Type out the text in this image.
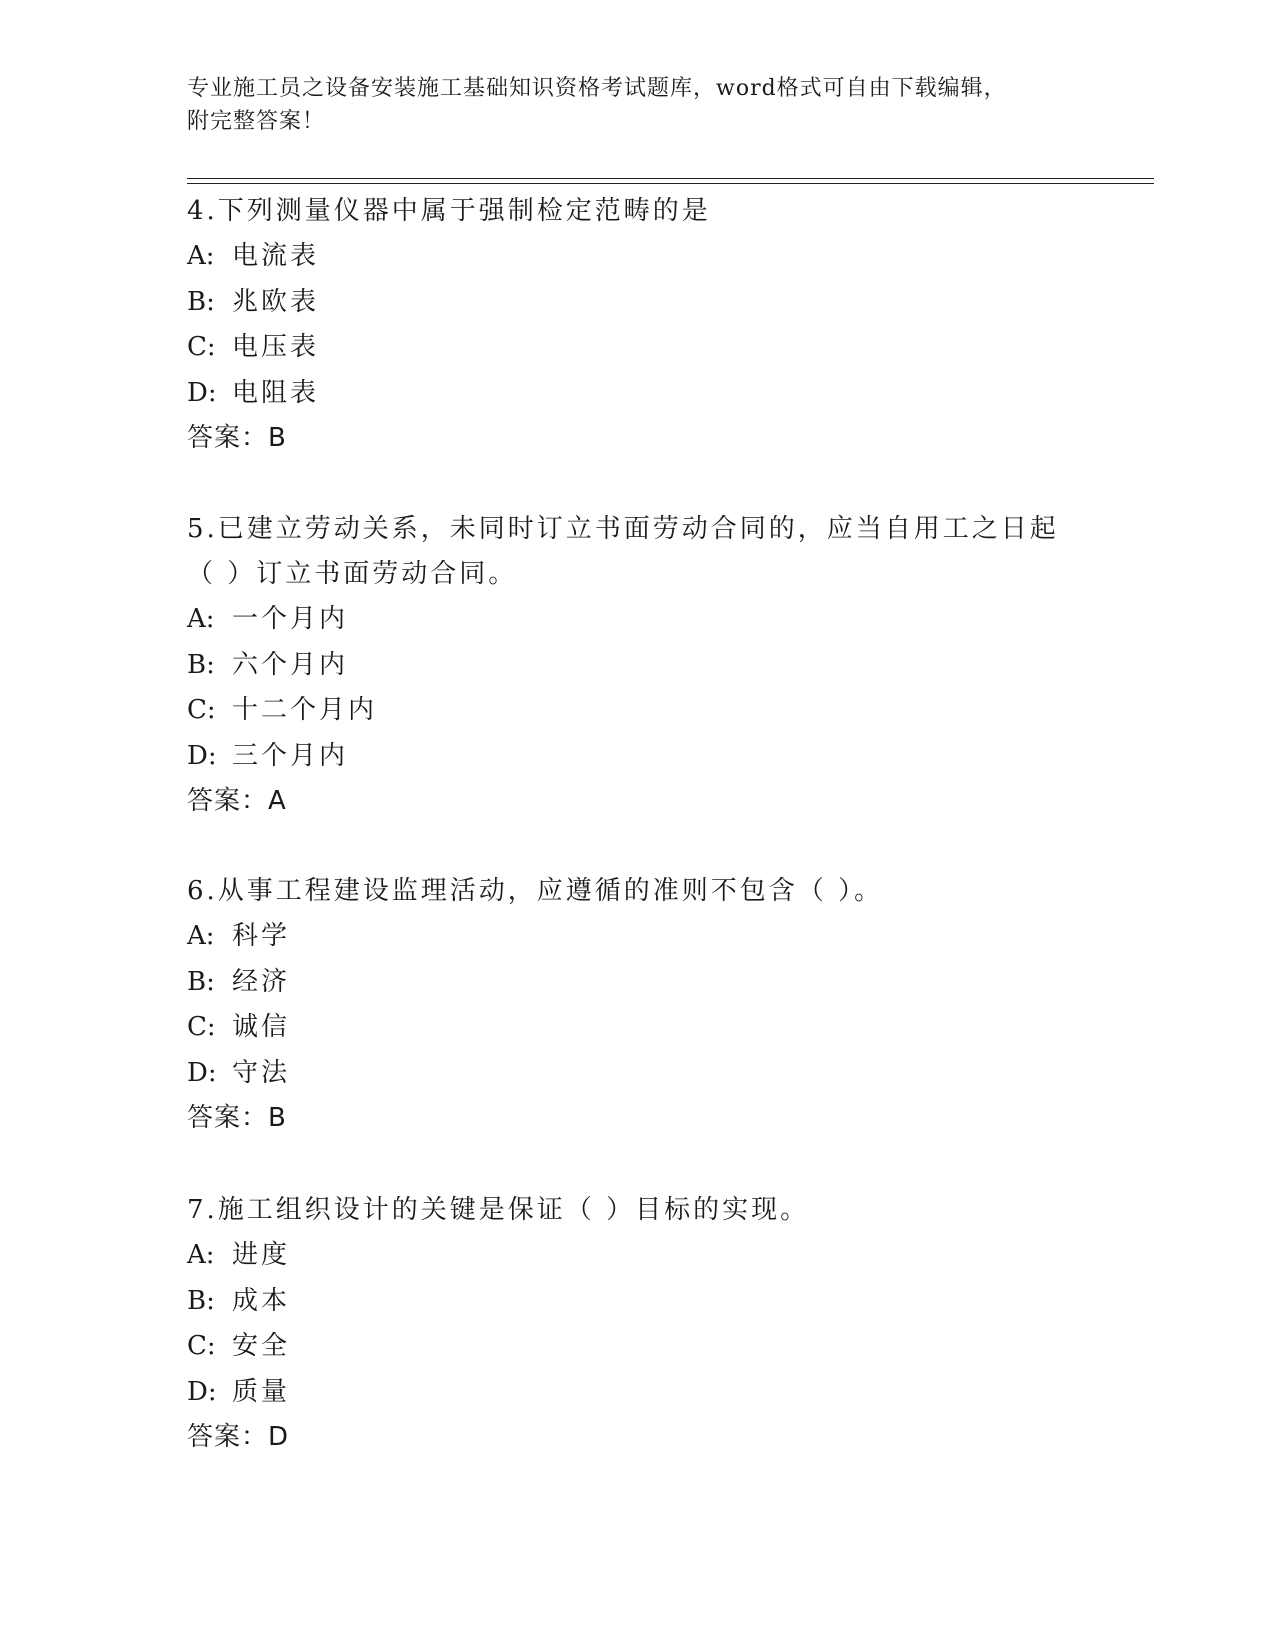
专业施工员之设备安装施工基础知识资格考试题库，word格式可自由下载编辑，
附完整答案！

4.下列测量仪器中属于强制检定范畴的是

A: 电流表
B: 兆欧表
C: 电压表
D: 电阻表
答案：B

5.已建立劳动关系，未同时订立书面劳动合同的，应当自用工之日起（ ）订立书面劳动合同。

A: 一个月内
B: 六个月内
C: 十二个月内
D: 三个月内
答案：A

6.从事工程建设监理活动，应遵循的准则不包含（ ）。

A: 科学
B: 经济
C: 诚信
D: 守法
答案：B

7.施工组织设计的关键是保证（ ）目标的实现。

A: 进度
B: 成本
C: 安全
D: 质量
答案：D
